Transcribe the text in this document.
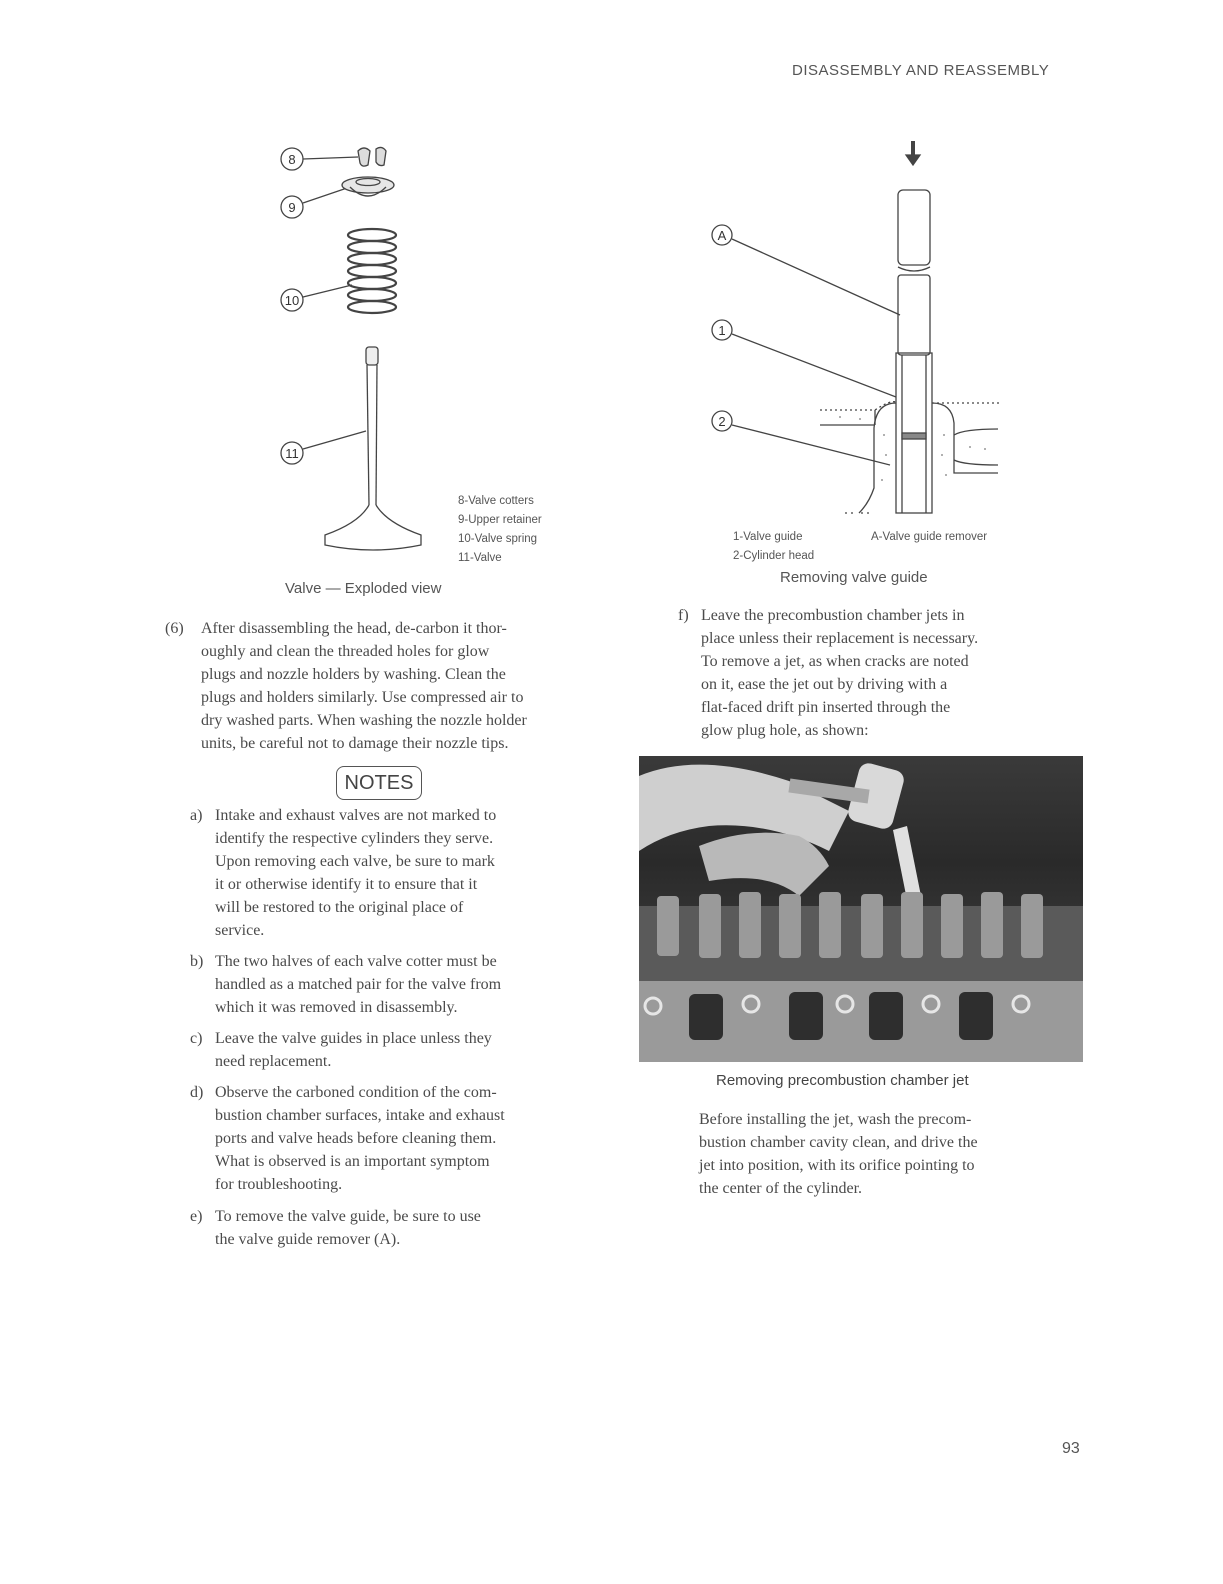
DISASSEMBLY AND REASSEMBLY
93
8
9
10
11
8-Valve cotters
9-Upper retainer
10-Valve spring
11-Valve
Valve — Exploded view
A
1
2
1-Valve guide
2-Cylinder head
A-Valve guide remover
Removing valve guide
(6) After disassembling the head, de-carbon it thor-
oughly and clean the threaded holes for glow
plugs and nozzle holders by washing. Clean the
plugs and holders similarly. Use compressed air to
dry washed parts. When washing the nozzle holder
units, be careful not to damage their nozzle tips.
NOTES
a) Intake and exhaust valves are not marked to
identify the respective cylinders they serve.
Upon removing each valve, be sure to mark
it or otherwise identify it to ensure that it
will be restored to the original place of
service.
b) The two halves of each valve cotter must be
handled as a matched pair for the valve from
which it was removed in disassembly.
c) Leave the valve guides in place unless they
need replacement.
d) Observe the carboned condition of the com-
bustion chamber surfaces, intake and exhaust
ports and valve heads before cleaning them.
What is observed is an important symptom
for troubleshooting.
e) To remove the valve guide, be sure to use
the valve guide remover (A).
f) Leave the precombustion chamber jets in
place unless their replacement is necessary.
To remove a jet, as when cracks are noted
on it, ease the jet out by driving with a
flat-faced drift pin inserted through the
glow plug hole, as shown:
Removing precombustion chamber jet
Before installing the jet, wash the precom-
bustion chamber cavity clean, and drive the
jet into position, with its orifice pointing to
the center of the cylinder.
